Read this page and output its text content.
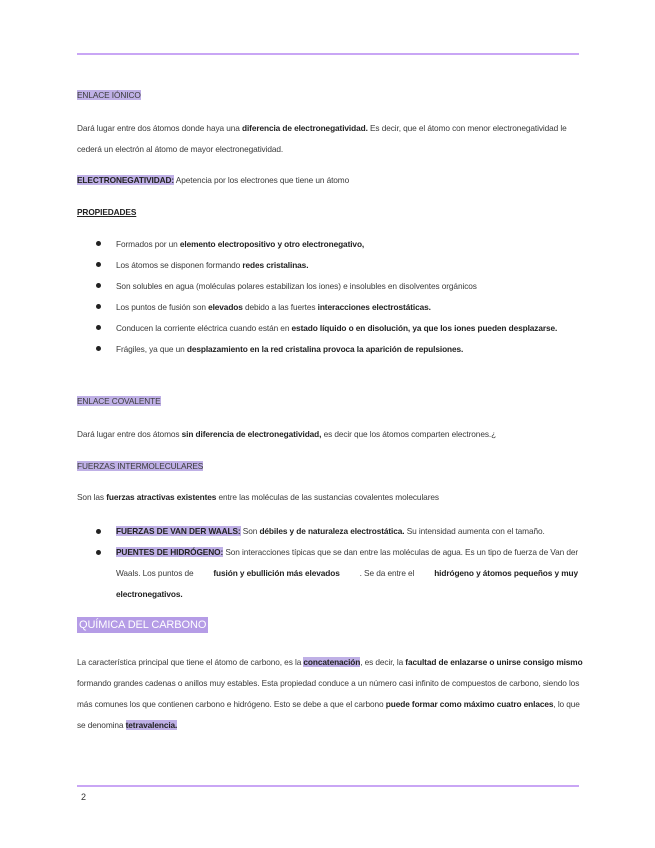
ENLACE IÓNICO
Dará lugar entre dos átomos donde haya una diferencia de electronegatividad. Es decir, que el átomo con menor electronegatividad le
cederá un electrón al átomo de mayor electronegatividad.
ELECTRONEGATIVIDAD: Apetencia por los electrones que tiene un átomo
PROPIEDADES
Formados por un elemento electropositivo y otro electronegativo,
Los átomos se disponen formando redes cristalinas.
Son solubles en agua (moléculas polares estabilizan los iones) e insolubles en disolventes orgánicos
Los puntos de fusión son elevados debido a las fuertes interacciones electrostáticas.
Conducen la corriente eléctrica cuando están en estado líquido o en disolución, ya que los iones pueden desplazarse.
Frágiles, ya que un desplazamiento en la red cristalina provoca la aparición de repulsiones.
ENLACE COVALENTE
Dará lugar entre dos átomos sin diferencia de electronegatividad, es decir que los átomos comparten electrones.¿
FUERZAS INTERMOLECULARES
Son las fuerzas atractivas existentes entre las moléculas de las sustancias covalentes moleculares
FUERZAS DE VAN DER WAALS: Son débiles y de naturaleza electrostática. Su intensidad aumenta con el tamaño.
PUENTES DE HIDRÓGENO: Son interacciones típicas que se dan entre las moléculas de agua. Es un tipo de fuerza de Van der
Waals. Los puntos de fusión y ebullición más elevados . Se da entre el hidrógeno y átomos pequeños y muy
electronegativos.
QUÍMICA DEL CARBONO
La característica principal que tiene el átomo de carbono, es la concatenación, es decir, la facultad de enlazarse o unirse consigo mismo
formando grandes cadenas o anillos muy estables. Esta propiedad conduce a un número casi infinito de compuestos de carbono, siendo los
más comunes los que contienen carbono e hidrógeno. Esto se debe a que el carbono puede formar como máximo cuatro enlaces, lo que
se denomina tetravalencia.
2
